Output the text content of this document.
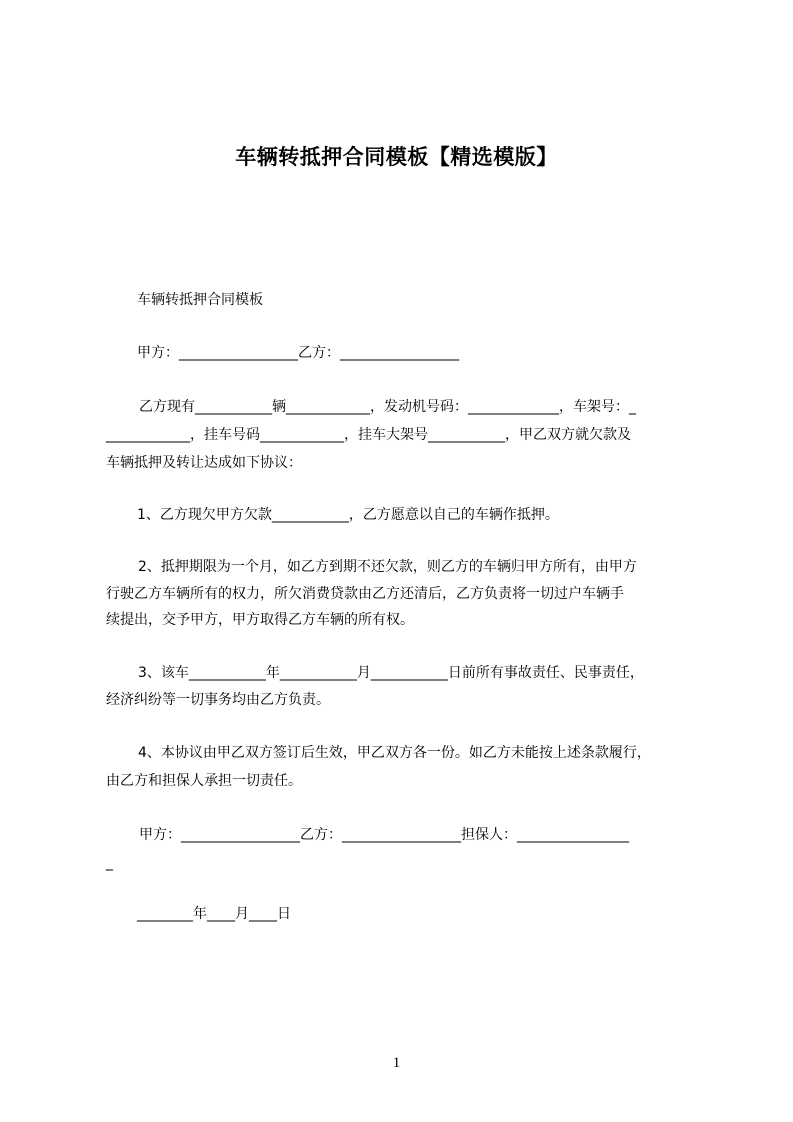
车辆转抵押合同模板【精选模版】
车辆转抵押合同模板
甲方：_________________乙方：_________________
乙方现有___________辆____________，发动机号码：_____________，车架号：_
____________，挂车号码____________，挂车大架号___________，甲乙双方就欠款及
车辆抵押及转让达成如下协议：
1、乙方现欠甲方欠款___________，乙方愿意以自己的车辆作抵押。
2、抵押期限为一个月，如乙方到期不还欠款，则乙方的车辆归甲方所有，由甲方
行驶乙方车辆所有的权力，所欠消费贷款由乙方还清后，乙方负责将一切过户车辆手
续提出，交予甲方，甲方取得乙方车辆的所有权。
3、该车___________年___________月___________日前所有事故责任、民事责任，
经济纠纷等一切事务均由乙方负责。
4、本协议由甲乙双方签订后生效，甲乙双方各一份。如乙方未能按上述条款履行，
由乙方和担保人承担一切责任。
甲方：_________________乙方：_________________担保人：________________
_
________年____月____日
1
